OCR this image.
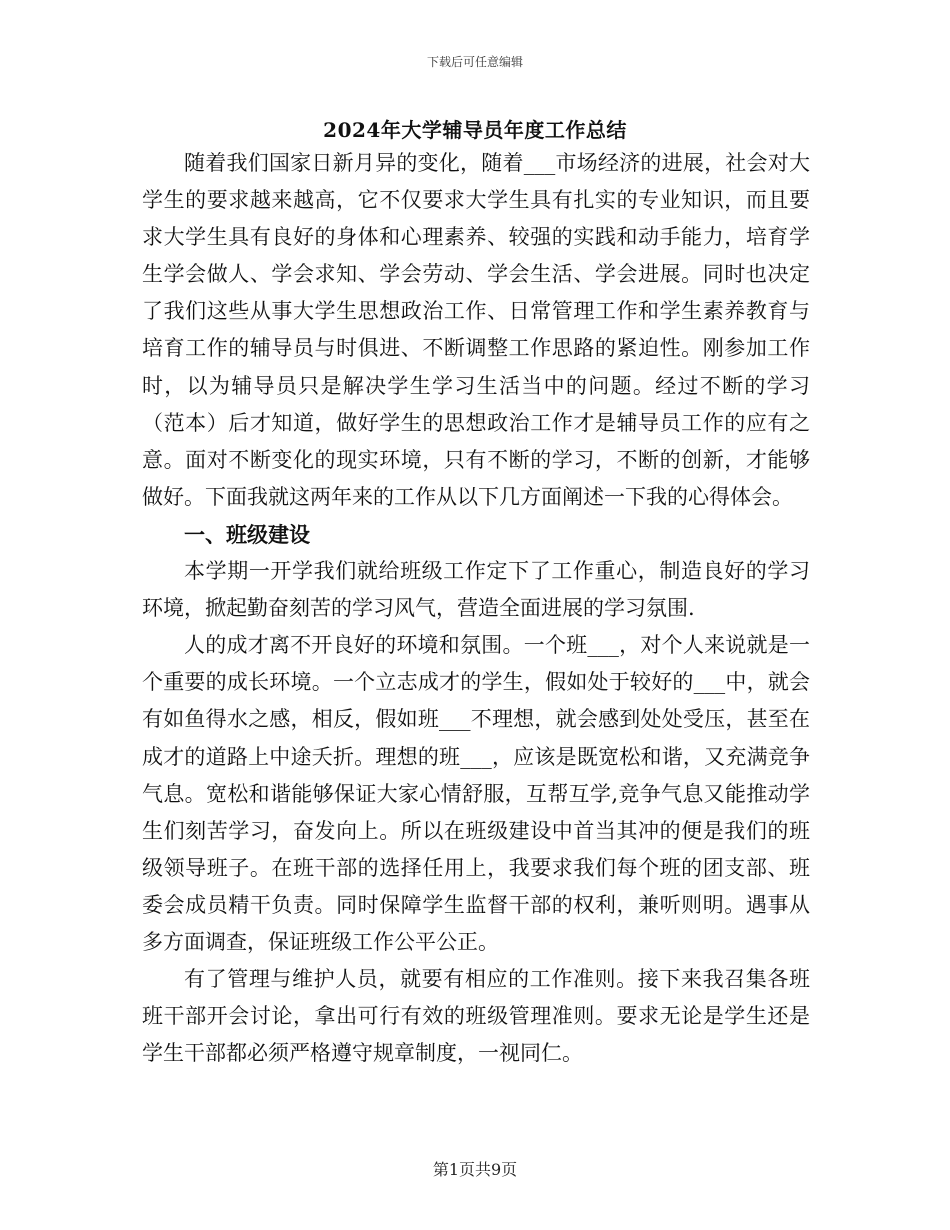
下载后可任意编辑
2024年大学辅导员年度工作总结

随着我们国家日新月异的变化，随着___市场经济的进展，社会对大学生的要求越来越高，它不仅要求大学生具有扎实的专业知识，而且要求大学生具有良好的身体和心理素养、较强的实践和动手能力，培育学生学会做人、学会求知、学会劳动、学会生活、学会进展。同时也决定了我们这些从事大学生思想政治工作、日常管理工作和学生素养教育与培育工作的辅导员与时俱进、不断调整工作思路的紧迫性。刚参加工作时，以为辅导员只是解决学生学习生活当中的问题。经过不断的学习（范本）后才知道，做好学生的思想政治工作才是辅导员工作的应有之意。面对不断变化的现实环境，只有不断的学习，不断的创新，才能够做好。下面我就这两年来的工作从以下几方面阐述一下我的心得体会。

一、班级建设

本学期一开学我们就给班级工作定下了工作重心，制造良好的学习环境，掀起勤奋刻苦的学习风气，营造全面进展的学习氛围.

人的成才离不开良好的环境和氛围。一个班___，对个人来说就是一个重要的成长环境。一个立志成才的学生，假如处于较好的___中，就会有如鱼得水之感，相反，假如班___不理想，就会感到处处受压，甚至在成才的道路上中途夭折。理想的班___，应该是既宽松和谐，又充满竞争气息。宽松和谐能够保证大家心情舒服，互帮互学,竞争气息又能推动学生们刻苦学习，奋发向上。所以在班级建设中首当其冲的便是我们的班级领导班子。在班干部的选择任用上，我要求我们每个班的团支部、班委会成员精干负责。同时保障学生监督干部的权利，兼听则明。遇事从多方面调查，保证班级工作公平公正。

有了管理与维护人员，就要有相应的工作准则。接下来我召集各班班干部开会讨论，拿出可行有效的班级管理准则。要求无论是学生还是学生干部都必须严格遵守规章制度，一视同仁。

第1页共9页
